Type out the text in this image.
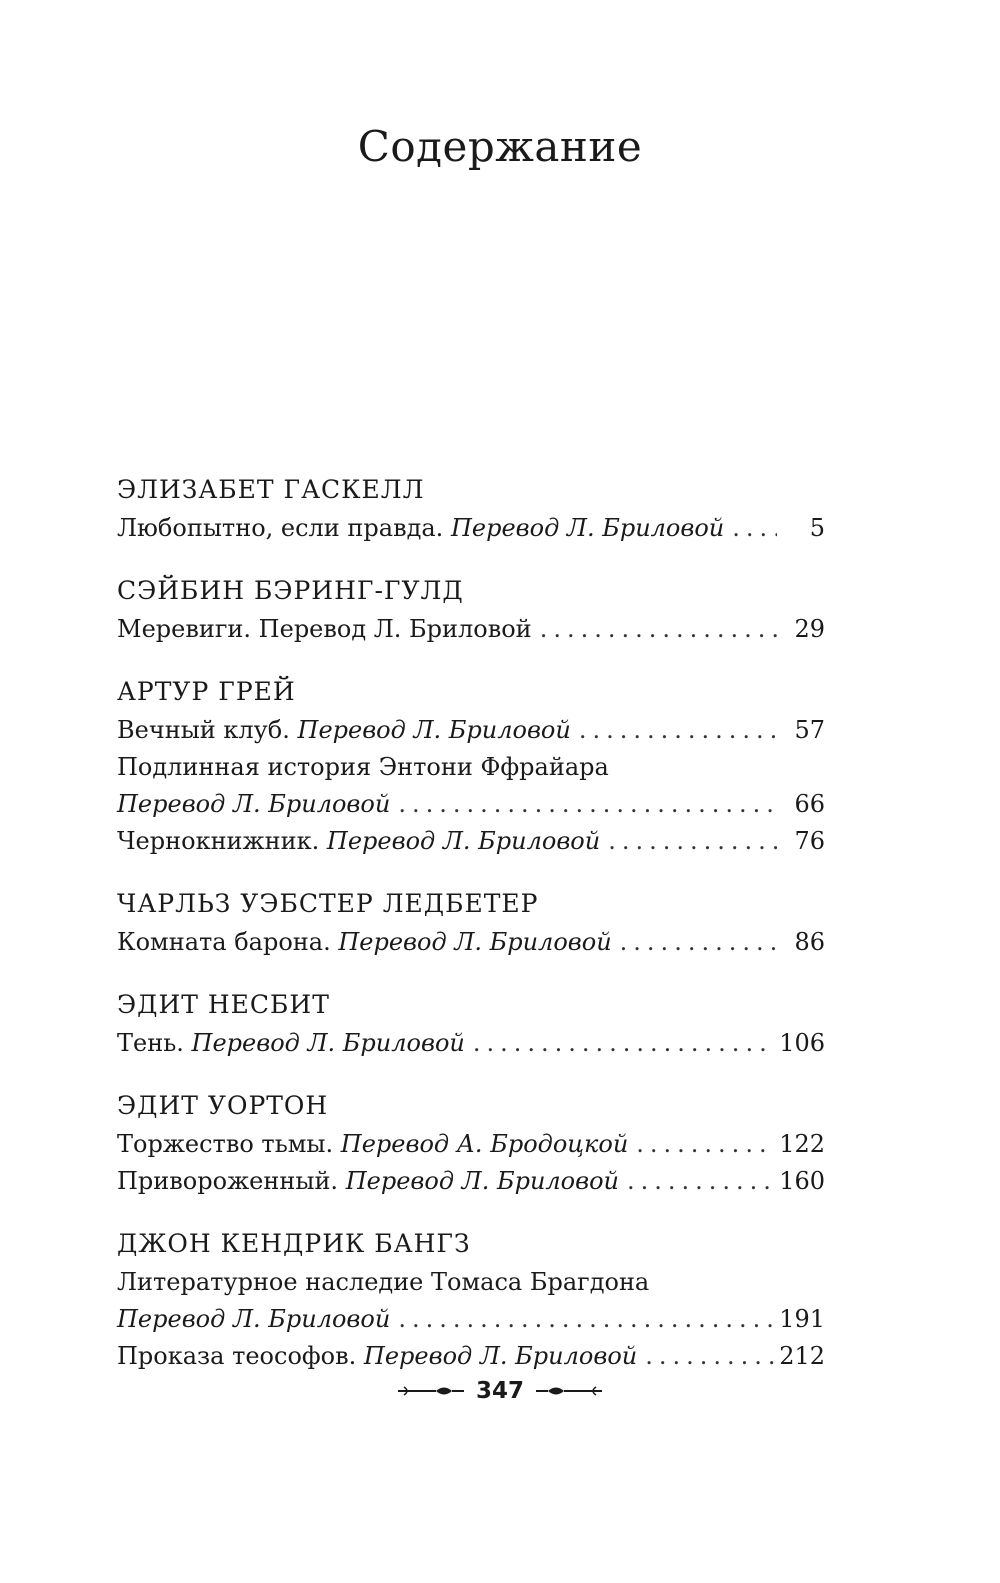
Содержание
ЭЛИЗАБЕТ ГАСКЕЛЛ
Любопытно, если правда. Перевод Л. Бриловой .....	5
СЭЙБИН БЭРИНГ-ГУЛД
Меревиги. Перевод Л. Бриловой .....	29
АРТУР ГРЕЙ
Вечный клуб. Перевод Л. Бриловой .....	57
Подлинная история Энтони Ффрайара
Перевод Л. Бриловой .....	66
Чернокнижник. Перевод Л. Бриловой .....	76
ЧАРЛЬЗ УЭБСТЕР ЛЕДБЕТЕР
Комната барона. Перевод Л. Бриловой .....	86
ЭДИТ НЕСБИТ
Тень. Перевод Л. Бриловой .....	106
ЭДИТ УОРТОН
Торжество тьмы. Перевод А. Бродоцкой .....	122
Привороженный. Перевод Л. Бриловой .....	160
ДЖОН КЕНДРИК БАНГЗ
Литературное наследие Томаса Брагдона
Перевод Л. Бриловой .....	191
Проказа теософов. Перевод Л. Бриловой .....	212
347
